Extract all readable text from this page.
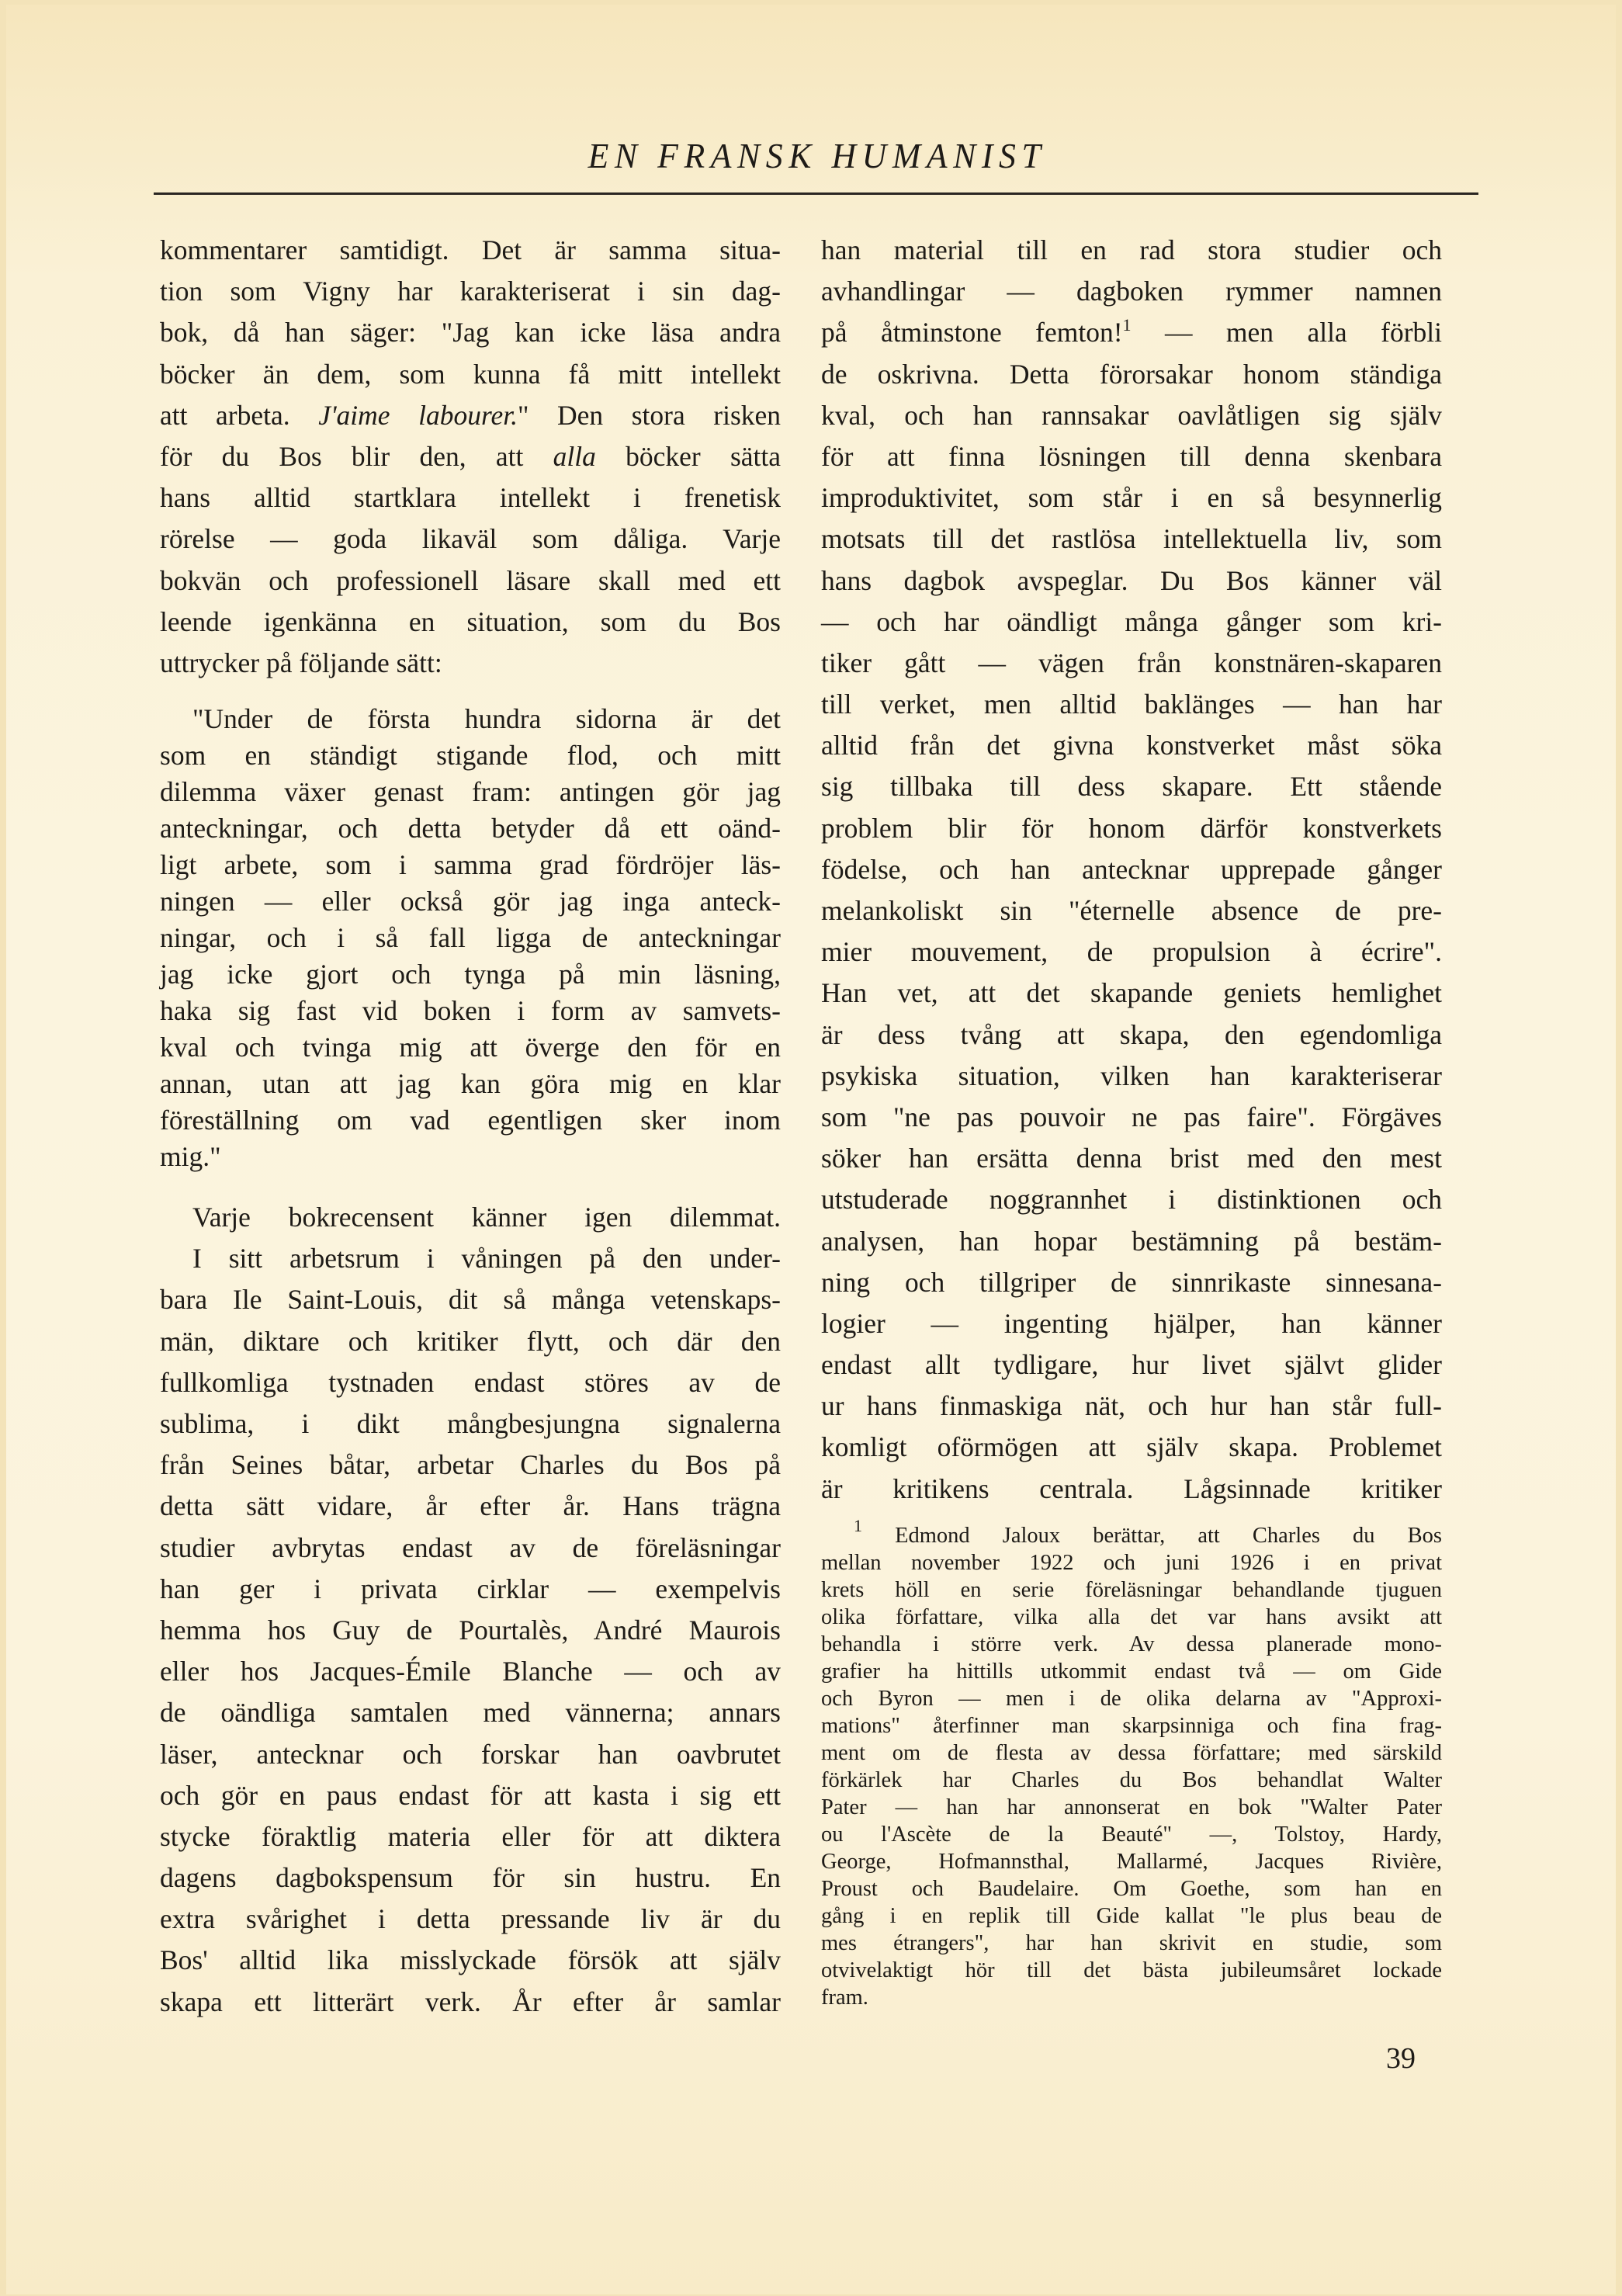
EN FRANSK HUMANIST
kommentarer samtidigt. Det är samma situa-
tion som Vigny har karakteriserat i sin dag-
bok, då han säger: "Jag kan icke läsa andra
böcker än dem, som kunna få mitt intellekt
att arbeta. J'aime labourer." Den stora risken
för du Bos blir den, att alla böcker sätta
hans alltid startklara intellekt i frenetisk
rörelse — goda likaväl som dåliga. Varje
bokvän och professionell läsare skall med ett
leende igenkänna en situation, som du Bos
uttrycker på följande sätt:
"Under de första hundra sidorna är det
som en ständigt stigande flod, och mitt
dilemma växer genast fram: antingen gör jag
anteckningar, och detta betyder då ett oänd-
ligt arbete, som i samma grad fördröjer läs-
ningen — eller också gör jag inga anteck-
ningar, och i så fall ligga de anteckningar
jag icke gjort och tynga på min läsning,
haka sig fast vid boken i form av samvets-
kval och tvinga mig att överge den för en
annan, utan att jag kan göra mig en klar
föreställning om vad egentligen sker inom
mig."
Varje bokrecensent känner igen dilemmat.
I sitt arbetsrum i våningen på den under-
bara Ile Saint-Louis, dit så många vetenskaps-
män, diktare och kritiker flytt, och där den
fullkomliga tystnaden endast störes av de
sublima, i dikt mångbesjungna signalerna
från Seines båtar, arbetar Charles du Bos på
detta sätt vidare, år efter år. Hans trägna
studier avbrytas endast av de föreläsningar
han ger i privata cirklar — exempelvis
hemma hos Guy de Pourtalès, André Maurois
eller hos Jacques-Émile Blanche — och av
de oändliga samtalen med vännerna; annars
läser, antecknar och forskar han oavbrutet
och gör en paus endast för att kasta i sig ett
stycke föraktlig materia eller för att diktera
dagens dagbokspensum för sin hustru. En
extra svårighet i detta pressande liv är du
Bos' alltid lika misslyckade försök att själv
skapa ett litterärt verk. År efter år samlar
han material till en rad stora studier och
avhandlingar — dagboken rymmer namnen
på åtminstone femton!$^1$ — men alla förbli
de oskrivna. Detta förorsakar honom ständiga
kval, och han rannsakar oavlåtligen sig själv
för att finna lösningen till denna skenbara
improduktivitet, som står i en så besynnerlig
motsats till det rastlösa intellektuella liv, som
hans dagbok avspeglar. Du Bos känner väl
— och har oändligt många gånger som kri-
tiker gått — vägen från konstnären-skaparen
till verket, men alltid baklänges — han har
alltid från det givna konstverket måst söka
sig tillbaka till dess skapare. Ett stående
problem blir för honom därför konstverkets
födelse, och han antecknar upprepade gånger
melankoliskt sin "éternelle absence de pre-
mier mouvement, de propulsion à écrire".
Han vet, att det skapande geniets hemlighet
är dess tvång att skapa, den egendomliga
psykiska situation, vilken han karakteriserar
som "ne pas pouvoir ne pas faire". Förgäves
söker han ersätta denna brist med den mest
utstuderade noggrannhet i distinktionen och
analysen, han hopar bestämning på bestäm-
ning och tillgriper de sinnrikaste sinnesana-
logier — ingenting hjälper, han känner
endast allt tydligare, hur livet självt glider
ur hans finmaskiga nät, och hur han står full-
komligt oförmögen att själv skapa. Problemet
är kritikens centrala. Lågsinnade kritiker
$^1$ Edmond Jaloux berättar, att Charles du Bos
mellan november 1922 och juni 1926 i en privat
krets höll en serie föreläsningar behandlande tjuguen
olika författare, vilka alla det var hans avsikt att
behandla i större verk. Av dessa planerade mono-
grafier ha hittills utkommit endast två — om Gide
och Byron — men i de olika delarna av "Approxi-
mations" återfinner man skarpsinniga och fina frag-
ment om de flesta av dessa författare; med särskild
förkärlek har Charles du Bos behandlat Walter
Pater — han har annonserat en bok "Walter Pater
ou l'Ascète de la Beauté" —, Tolstoy, Hardy,
George, Hofmannsthal, Mallarmé, Jacques Rivière,
Proust och Baudelaire. Om Goethe, som han en
gång i en replik till Gide kallat "le plus beau de
mes étrangers", har han skrivit en studie, som
otvivelaktigt hör till det bästa jubileumsåret lockade
fram.
39
